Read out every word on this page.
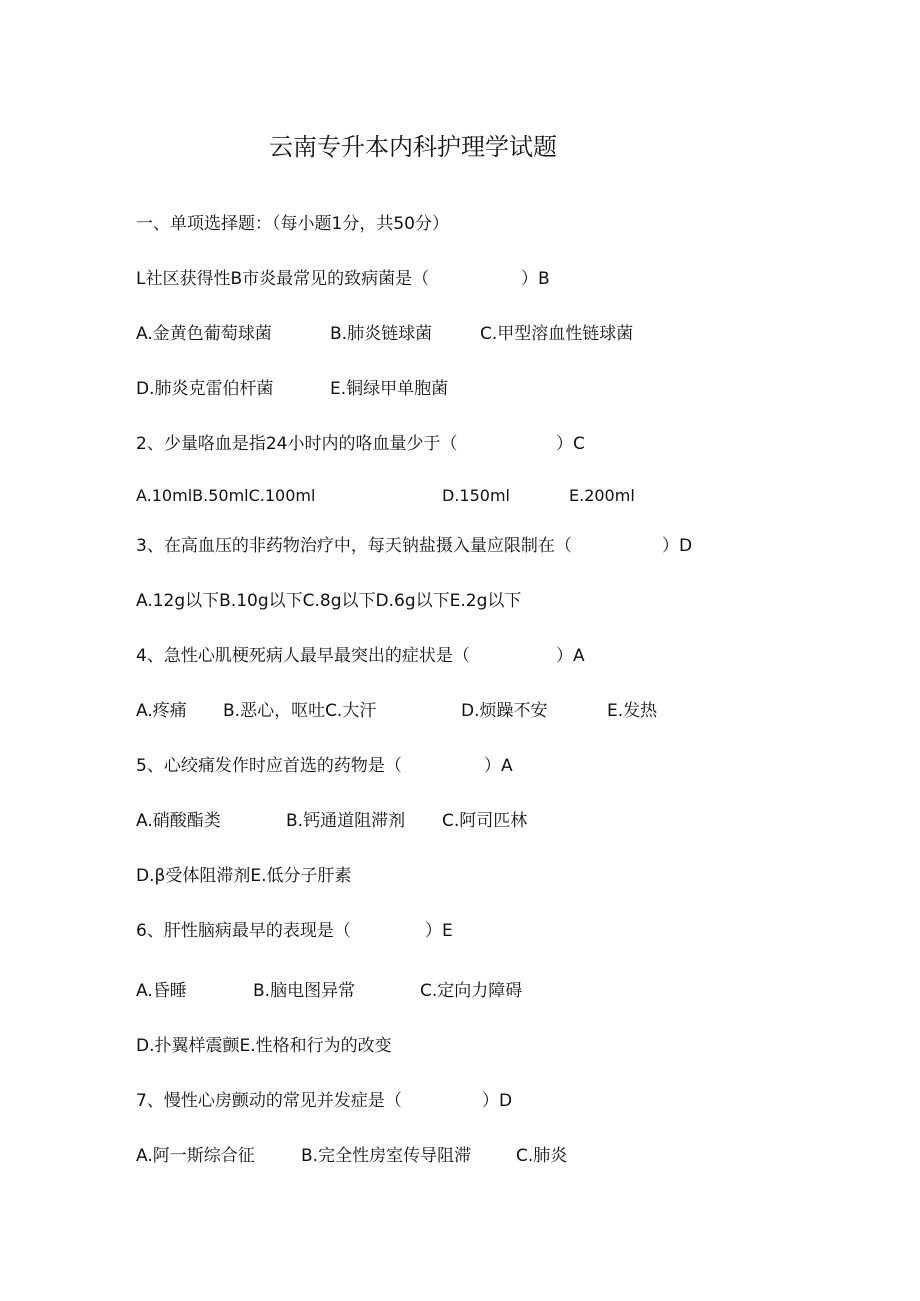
云南专升本内科护理学试题
一、单项选择题：（每小题1分，共50分）
L社区获得性B市炎最常见的致病菌是（	）B
A.金黄色葡萄球菌	B.肺炎链球菌	C.甲型溶血性链球菌
D.肺炎克雷伯杆菌	E.铜绿甲单胞菌
2、少量咯血是指24小时内的咯血量少于（	）C
A.10mlB.50mlC.100ml	D.150ml	E.200ml
3、在高血压的非药物治疗中，每天钠盐摄入量应限制在（	）D
A.12g以下B.10g以下C.8g以下D.6g以下E.2g以下
4、急性心肌梗死病人最早最突出的症状是（	）A
A.疼痛 B.恶心，呕吐C.大汗	D.烦躁不安	E.发热
5、心绞痛发作时应首选的药物是（	）A
A.硝酸酯类	B.钙通道阻滞剂 C.阿司匹林
D.β受体阻滞剂E.低分子肝素
6、肝性脑病最早的表现是（	）E
A.昏睡	B.脑电图异常	C.定向力障碍
D.扑翼样震颤E.性格和行为的改变
7、慢性心房颤动的常见并发症是（	）D
A.阿一斯综合征	B.完全性房室传导阻滞	C.肺炎
